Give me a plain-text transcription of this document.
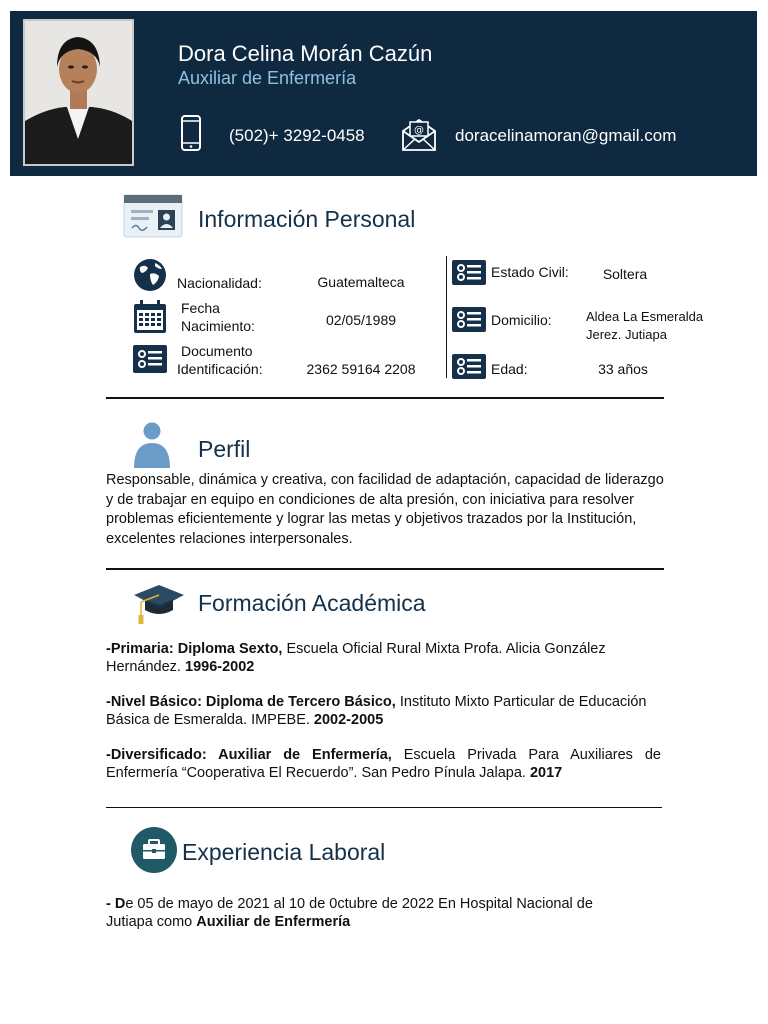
Dora Celina Morán Cazún
Auxiliar de Enfermería
(502)+ 3292-0458	@ doracelinamoran@gmail.com
Información Personal
Nacionalidad:	Guatemalteca
Fecha
Nacimiento:	02/05/1989
Documento
Identificación:	2362 59164 2208
Estado Civil:	Soltera
Domicilio:	Aldea La Esmeralda
Jerez. Jutiapa
Edad:	33 años
Perfil
Responsable, dinámica y creativa, con facilidad de adaptación, capacidad de liderazgo y de trabajar en equipo en condiciones de alta presión, con iniciativa para resolver problemas eficientemente y lograr las metas y objetivos trazados por la Institución, excelentes relaciones interpersonales.
Formación Académica
-Primaria: Diploma Sexto, Escuela Oficial Rural Mixta Profa. Alicia González Hernández. 1996-2002
-Nivel Básico: Diploma de Tercero Básico, Instituto Mixto Particular de Educación Básica de Esmeralda. IMPEBE. 2002-2005
-Diversificado: Auxiliar de Enfermería, Escuela Privada Para Auxiliares de Enfermería “Cooperativa El Recuerdo”. San Pedro Pínula Jalapa. 2017
Experiencia Laboral
- De 05 de mayo de 2021 al 10 de 0ctubre de 2022 En Hospital Nacional de Jutiapa como Auxiliar de Enfermería
